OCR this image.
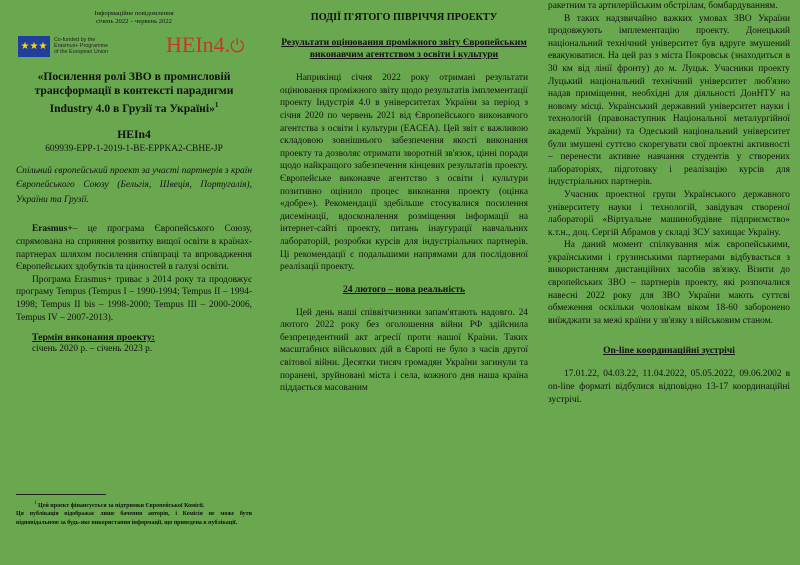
Інформаційне повідомлення
січень 2022 – червень 2022
★★★
Co-funded by the
Erasmus+ Programme
of the European Union	HEIn4.⏻
«Посилення ролі ЗВО в промисловій трансформації в контексті парадигми Industry 4.0 в Грузії та Україні»$^1$
HEIn4
609939-EPP-1-2019-1-BE-EPPKA2-CBHE-JP
Спільний європейський проект за участі партнерів з країн Європейського Союзу (Бельгія, Швеція, Португалія), України та Грузії.

Erasmus+– це програма Європейського Союзу, спрямована на сприяння розвитку вищої освіти в країнах-партнерах шляхом посилення співпраці та впровадження Європейських здобутків та цінностей в галузі освіти.

Програма Erasmus+ триває з 2014 року та продовжує програму Tempus (Tempus I – 1990-1994; Tempus II – 1994-1998; Tempus II bis – 1998-2000; Tempus III – 2000-2006, Tempus IV – 2007-2013).

Термін виконання проекту:
січень 2020 р. – січень 2023 р.
$^1$ Цей проект фінансується за підтримки Європейської Комісії.
Ця публікація відображає лише бачення авторів, і Комісія не може бути відповідальною за будь-яке використання інформації, що приведена в публікації.
ПОДІЇ П'ЯТОГО ПІВРІЧЧЯ ПРОЕКТУ
Результати оцінювання проміжного звіту Європейським виконавчим агентством з освіти і культури

Наприкінці січня 2022 року отримані результати оцінювання проміжного звіту щодо результатів імплементації проекту Індустрія 4.0 в університетах України за період з січня 2020 по червень 2021 від Європейського виконавчого агентства з освіти і культури (EACEA). Цей звіт є важливою складовою зовнішнього забезпечення якості виконання проекту та дозволяє отримати зворотній зв'язок, цінні поради щодо найкращого забезпечення кінцевих результатів проекту. Європейське виконавче агентство з освіти і культури позитивно оцінило процес виконання проекту (оцінка «добре»). Рекомендації здебільше стосувалися посилення дисемінації, вдосконалення розміщення інформації на інтернет-сайті проекту, питань інаугурації навчальних лабораторій, розробки курсів для індустріальних партнерів. Ці рекомендації є подальшими напрямами для послідовної реалізації проекту.

24 лютого – нова реальність

Цей день наші співвітчизники запам'ятають надовго. 24 лютого 2022 року без оголошення війни РФ здійснила безпрецедентний акт агресії проти нашої Країни. Таких масштабних військових дій в Європі не було з часів другої світової війни. Десятки тисяч громадян України загинули та поранені, зруйновані міста і села, кожного дня наша країна піддається масованим

ракетним та артилерійським обстрілам, бомбардуванням.

В таких надзвичайно важких умовах ЗВО України продовжують імплементацію проекту. Донецький національний технічний університет був вдруге змушений евакуюватися. На цей раз з міста Покровськ (знаходиться в 30 км від лінії фронту) до м. Луцьк. Учасники проекту Луцький національний технічний університет люб'язно надав приміщення, необхідні для діяльності ДонНТУ на новому місці. Український державний університет науки і технологій (правонаступник Національної металургійної академії України) та Одеський національний університет були змушені суттєво скорегувати свої проектні активності – перенести активне навчання студентів у створених лабораторіях, підготовку і реалізацію курсів для індустріальних партнерів.

Учасник проектної групи Українського державного університету науки і технологій, завідувач створеної лабораторії «Віртуальне машинобудівне підприємство» к.т.н., доц. Сергій Абрамов у складі ЗСУ захищає Україну.

На даний момент спілкування між європейськими, українськими і грузинськими партнерами відбувається з використанням дистанційних засобів зв'язку. Візити до європейських ЗВО – партнерів проекту, які розпочалися навесні 2022 року для ЗВО України мають суттєві обмеження оскільки чоловікам віком 18-60 заборонено виїжджати за межі країни у зв'язку з військовим станом.

On-line координаційні зустрічі

17.01.22, 04.03.22, 11.04.2022, 05.05.2022, 09.06.2002 в on-line форматі відбулися відповідно 13-17 координаційні зустрічі.
